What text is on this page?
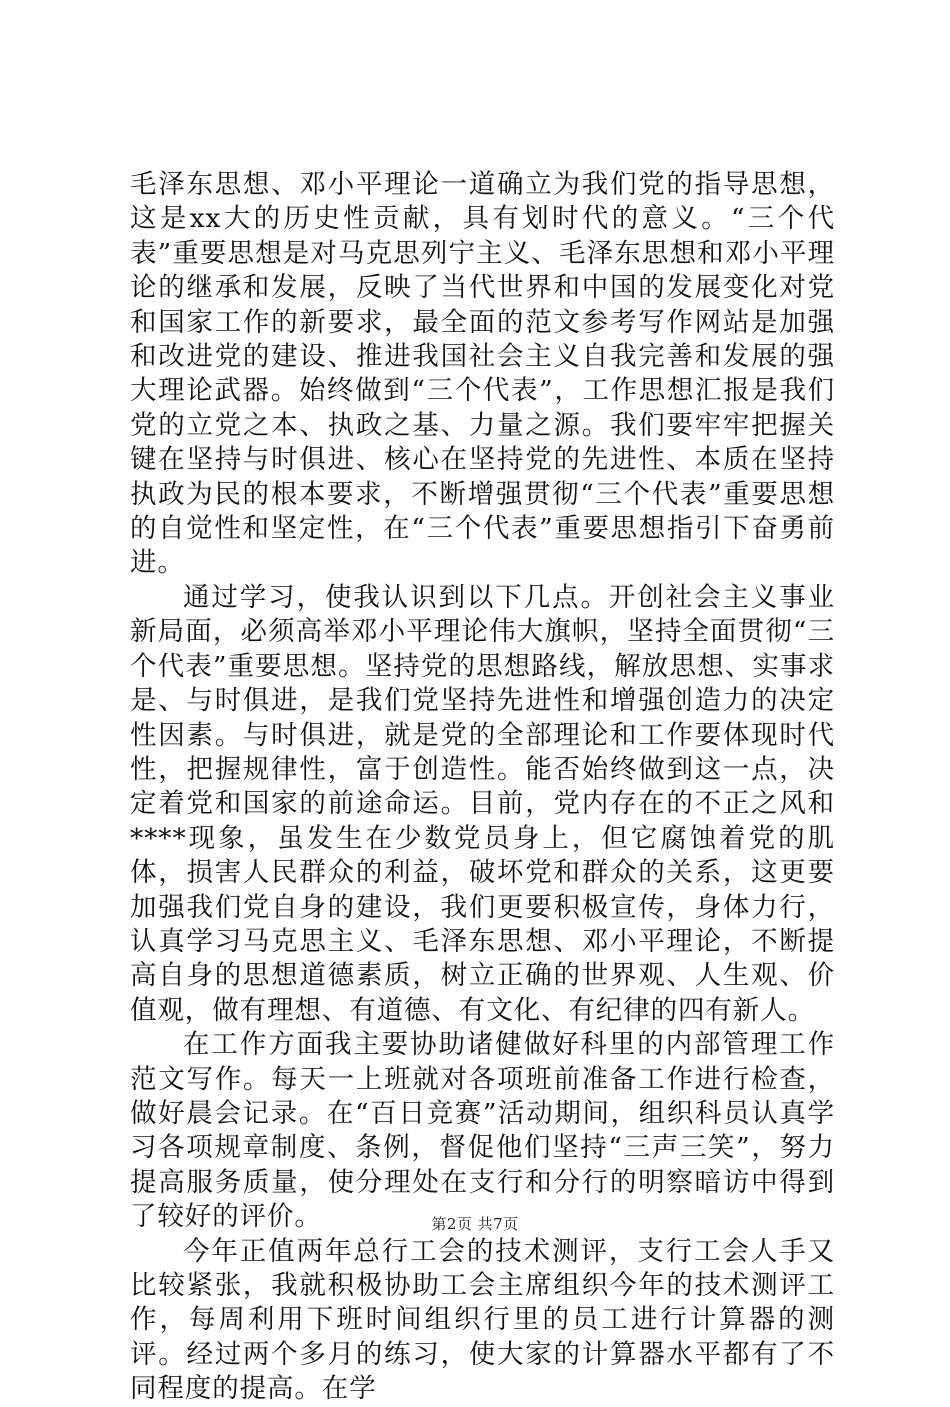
毛泽东思想、邓小平理论一道确立为我们党的指导思想，这是xx大的历史性贡献，具有划时代的意义。“三个代表”重要思想是对马克思列宁主义、毛泽东思想和邓小平理论的继承和发展，反映了当代世界和中国的发展变化对党和国家工作的新要求，最全面的范文参考写作网站是加强和改进党的建设、推进我国社会主义自我完善和发展的强大理论武器。始终做到“三个代表”，工作思想汇报是我们党的立党之本、执政之基、力量之源。我们要牢牢把握关键在坚持与时俱进、核心在坚持党的先进性、本质在坚持执政为民的根本要求，不断增强贯彻“三个代表”重要思想的自觉性和坚定性，在“三个代表”重要思想指引下奋勇前进。

通过学习，使我认识到以下几点。开创社会主义事业新局面，必须高举邓小平理论伟大旗帜，坚持全面贯彻“三个代表”重要思想。坚持党的思想路线，解放思想、实事求是、与时俱进，是我们党坚持先进性和增强创造力的决定性因素。与时俱进，就是党的全部理论和工作要体现时代性，把握规律性，富于创造性。能否始终做到这一点，决定着党和国家的前途命运。目前，党内存在的不正之风和****现象，虽发生在少数党员身上，但它腐蚀着党的肌体，损害人民群众的利益，破坏党和群众的关系，这更要加强我们党自身的建设，我们更要积极宣传，身体力行，认真学习马克思主义、毛泽东思想、邓小平理论，不断提高自身的思想道德素质，树立正确的世界观、人生观、价值观，做有理想、有道德、有文化、有纪律的四有新人。

在工作方面我主要协助诸健做好科里的内部管理工作范文写作。每天一上班就对各项班前准备工作进行检查，做好晨会记录。在“百日竞赛”活动期间，组织科员认真学习各项规章制度、条例，督促他们坚持“三声三笑”，努力提高服务质量，使分理处在支行和分行的明察暗访中得到了较好的评价。

今年正值两年总行工会的技术测评，支行工会人手又比较紧张，我就积极协助工会主席组织今年的技术测评工作，每周利用下班时间组织行里的员工进行计算器的测评。经过两个多月的练习，使大家的计算器水平都有了不同程度的提高。在学

第2页 共7页
